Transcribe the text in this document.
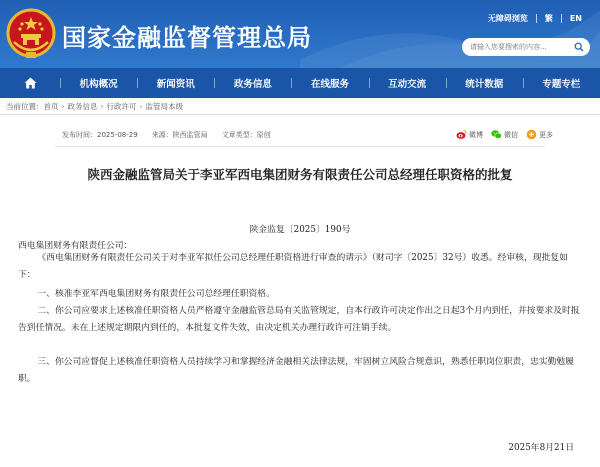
国家金融监督管理总局
无障碍浏览	繁	EN
请输入您要搜索的内容...
机构概况	新闻资讯	政务信息	在线服务	互动交流	统计数据	专题专栏
当前位置： 首页 › 政务信息 › 行政许可 › 监管局本级
发布时间：2025-08-29 来源：陕西监管局 文章类型：原创	微博	微信	更多
陕西金融监管局关于李亚军西电集团财务有限责任公司总经理任职资格的批复
陕金监复〔2025〕190号
西电集团财务有限责任公司：
《西电集团财务有限责任公司关于对李亚军拟任公司总经理任职资格进行审查的请示》（财司字〔2025〕32号）收悉。经审核，现批复如下：
一、核准李亚军西电集团财务有限责任公司总经理任职资格。
二、你公司应要求上述核准任职资格人员严格遵守金融监管总局有关监管规定，自本行政许可决定作出之日起3个月内到任，并按要求及时报告到任情况。未在上述规定期限内到任的，本批复文件失效，由决定机关办理行政许可注销手续。
三、你公司应督促上述核准任职资格人员持续学习和掌握经济金融相关法律法规，牢固树立风险合规意识，熟悉任职岗位职责，忠实勤勉履职。
2025年8月21日
